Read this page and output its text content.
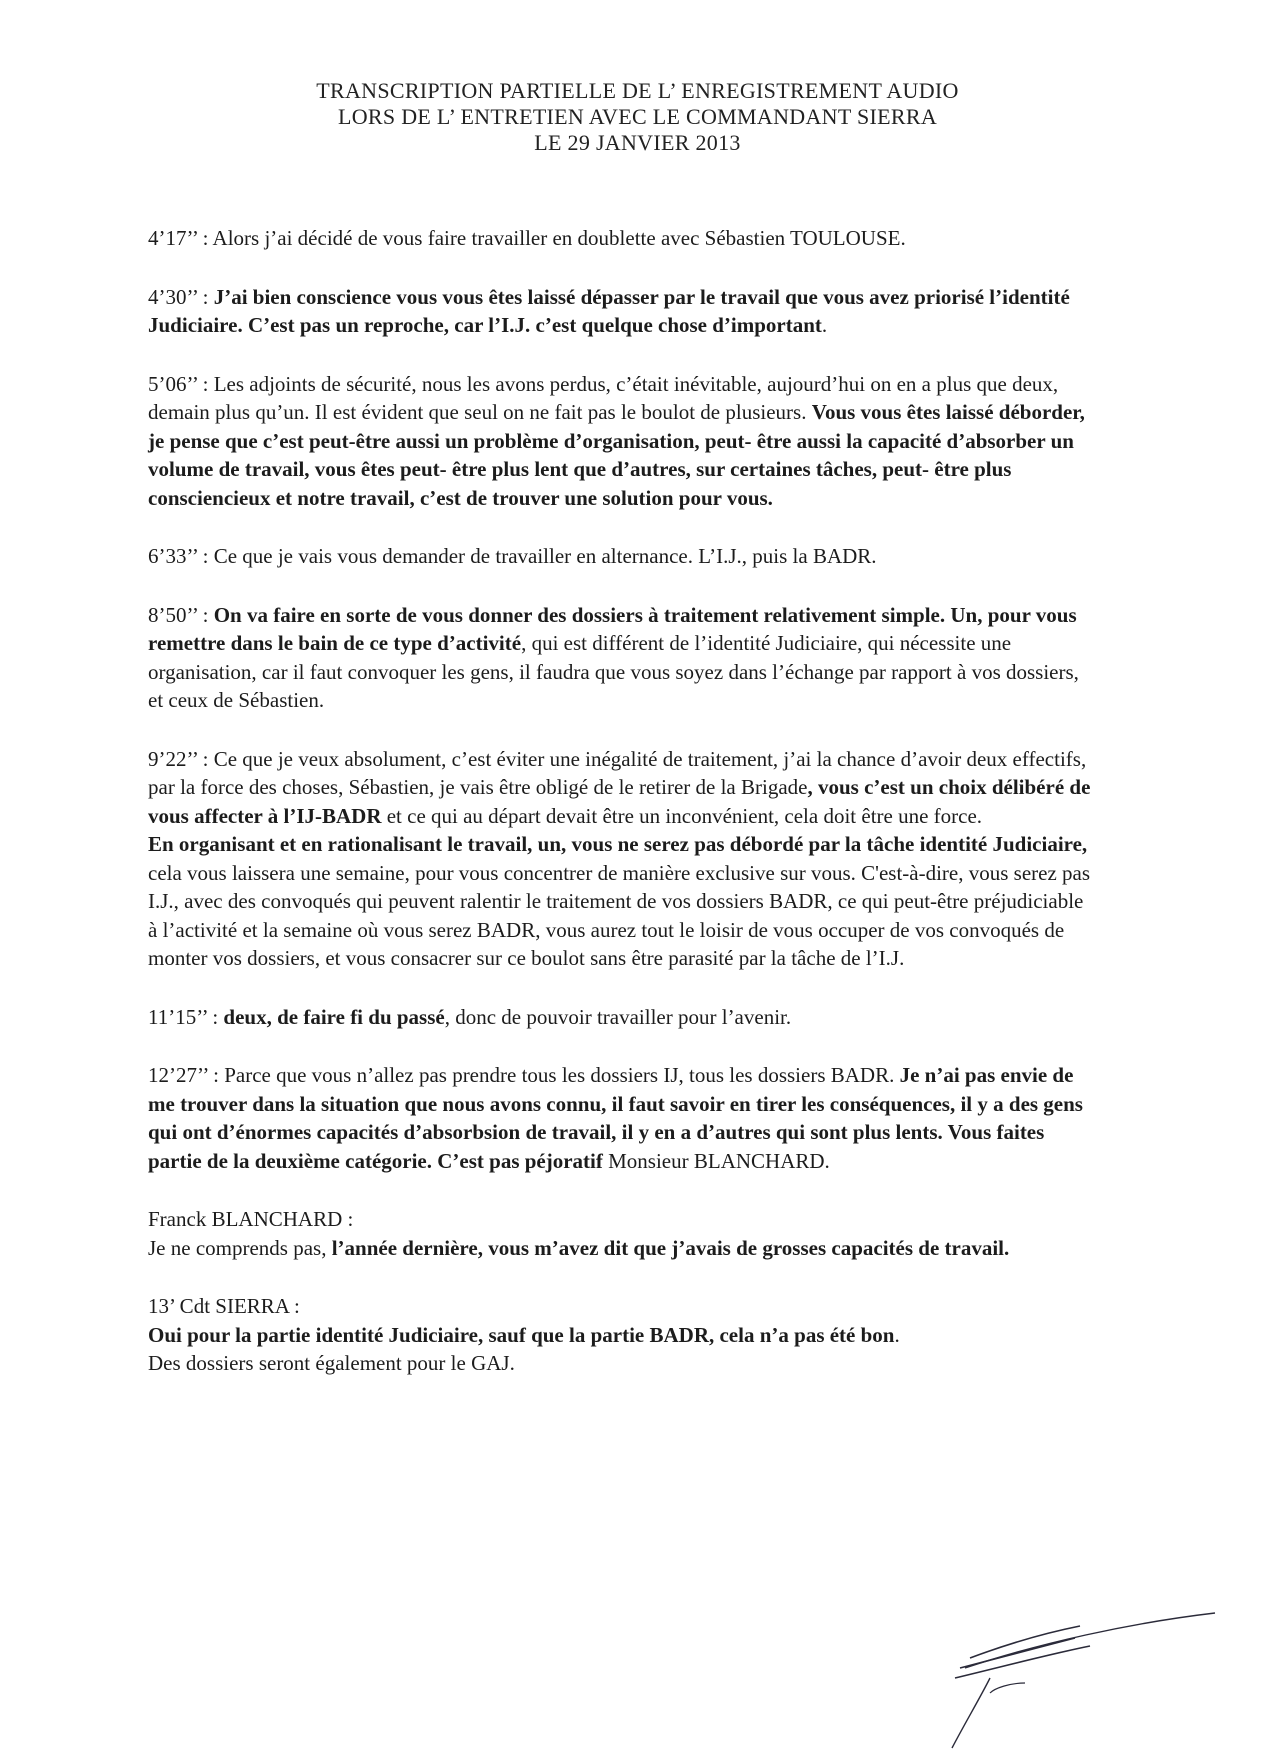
TRANSCRIPTION PARTIELLE DE L’ ENREGISTREMENT AUDIO
LORS DE L’ ENTRETIEN AVEC LE COMMANDANT SIERRA
LE 29 JANVIER 2013
4’17’’ : Alors j’ai décidé de vous faire travailler en doublette avec Sébastien TOULOUSE.
4’30’’ : J’ai bien conscience vous vous êtes laissé dépasser par le travail que vous avez priorisé l’identité Judiciaire. C’est pas un reproche, car l’I.J. c’est quelque chose d’important.
5’06’’ : Les adjoints de sécurité, nous les avons perdus, c’était inévitable, aujourd’hui on en a plus que deux, demain plus qu’un. Il est évident que seul on ne fait pas le boulot de plusieurs. Vous vous êtes laissé déborder, je pense que c’est peut-être aussi un problème d’organisation, peut- être aussi la capacité d’absorber un volume de travail, vous êtes peut- être plus lent que d’autres, sur certaines tâches, peut- être plus consciencieux et notre travail, c’est de trouver une solution pour vous.
6’33’’ : Ce que je vais vous demander de travailler en alternance. L’I.J., puis la BADR.
8’50’’ : On va faire en sorte de vous donner des dossiers à traitement relativement simple. Un, pour vous remettre dans le bain de ce type d’activité, qui est différent de l’identité Judiciaire, qui nécessite une organisation, car il faut convoquer les gens, il faudra que vous soyez dans l’échange par rapport à vos dossiers, et ceux de Sébastien.
9’22’’ : Ce que je veux absolument, c’est éviter une inégalité de traitement, j’ai la chance d’avoir deux effectifs, par la force des choses, Sébastien, je vais être obligé de le retirer de la Brigade, vous c’est un choix délibéré de vous affecter à l’IJ-BADR et ce qui au départ devait être un inconvénient, cela doit être une force.
En organisant et en rationalisant le travail, un, vous ne serez pas débordé par la tâche identité Judiciaire, cela vous laissera une semaine, pour vous concentrer de manière exclusive sur vous. C'est-à-dire, vous serez pas I.J., avec des convoqués qui peuvent ralentir le traitement de vos dossiers BADR, ce qui peut-être préjudiciable à l’activité et la semaine où vous serez BADR, vous aurez tout le loisir de vous occuper de vos convoqués de monter vos dossiers, et vous consacrer sur ce boulot sans être parasité par la tâche de l’I.J.
11’15’’ : deux, de faire fi du passé, donc de pouvoir travailler pour l’avenir.
12’27’’ : Parce que vous n’allez pas prendre tous les dossiers IJ, tous les dossiers BADR. Je n’ai pas envie de me trouver dans la situation que nous avons connu, il faut savoir en tirer les conséquences, il y a des gens qui ont d’énormes capacités d’absorbsion de travail, il y en a d’autres qui sont plus lents. Vous faites partie de la deuxième catégorie. C’est pas péjoratif Monsieur BLANCHARD.
Franck BLANCHARD :
Je ne comprends pas, l’année dernière, vous m’avez dit que j’avais de grosses capacités de travail.
13’ Cdt SIERRA :
Oui pour la partie identité Judiciaire, sauf que la partie BADR, cela n’a pas été bon.
Des dossiers seront également pour le GAJ.
